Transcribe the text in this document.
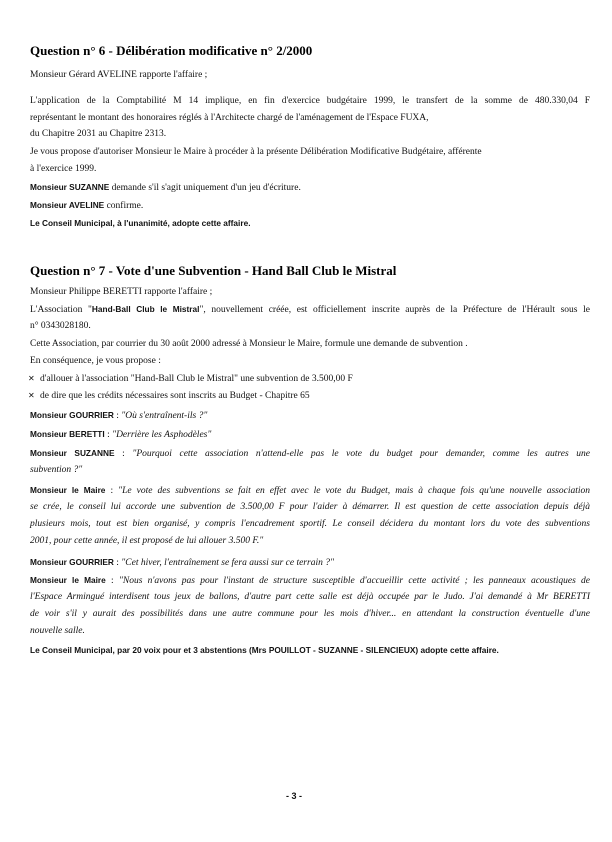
Question n° 6 - Délibération modificative n° 2/2000
Monsieur Gérard AVELINE rapporte l'affaire ;
L'application de la Comptabilité M 14 implique, en fin d'exercice budgétaire 1999, le transfert de la somme de 480.330,04 F
représentant le montant des honoraires réglés à l'Architecte chargé de l'aménagement de l'Espace FUXA,
du Chapitre 2031 au Chapitre 2313.
Je vous propose d'autoriser Monsieur le Maire à procéder à la présente Délibération Modificative Budgétaire, afférente
à l'exercice 1999.
Monsieur SUZANNE demande s'il s'agit uniquement d'un jeu d'écriture.
Monsieur AVELINE confirme.
Le Conseil Municipal, à l'unanimité, adopte cette affaire.
Question n° 7 - Vote d'une Subvention - Hand Ball Club le Mistral
Monsieur Philippe BERETTI rapporte l'affaire ;
L'Association "Hand-Ball Club le Mistral", nouvellement créée, est officiellement inscrite auprès de la Préfecture de l'Hérault sous le
n° 0343028180.
Cette Association, par courrier du 30 août 2000 adressé à Monsieur le Maire, formule une demande de subvention .
En conséquence, je vous propose :
✕ d'allouer à l'association "Hand-Ball Club le Mistral" une subvention de 3.500,00 F
✕ de dire que les crédits nécessaires sont inscrits au Budget - Chapitre 65
Monsieur GOURRIER : "Où s'entraînent-ils ?"
Monsieur BERETTI : "Derrière les Asphodèles"
Monsieur SUZANNE : "Pourquoi cette association n'attend-elle pas le vote du budget pour demander, comme les autres une
subvention ?"
Monsieur le Maire : "Le vote des subventions se fait en effet avec le vote du Budget, mais à chaque fois qu'une nouvelle association
se crée, le conseil lui accorde une subvention de 3.500,00 F pour l'aider à démarrer. Il est question de cette association depuis déjà
plusieurs mois, tout est bien organisé, y compris l'encadrement sportif. Le conseil décidera du montant lors du vote des subventions
2001, pour cette année, il est proposé de lui allouer 3.500 F."
Monsieur GOURRIER : "Cet hiver, l'entraînement se fera aussi sur ce terrain ?"
Monsieur le Maire : "Nous n'avons pas pour l'instant de structure susceptible d'accueillir cette activité ; les panneaux acoustiques de
l'Espace Armingué interdisent tous jeux de ballons, d'autre part cette salle est déjà occupée par le Judo. J'ai demandé à Mr BERETTI
de voir s'il y aurait des possibilités dans une autre commune pour les mois d'hiver... en attendant la construction éventuelle d'une
nouvelle salle.
Le Conseil Municipal, par 20 voix pour et 3 abstentions (Mrs POUILLOT - SUZANNE - SILENCIEUX) adopte cette affaire.
- 3 -
